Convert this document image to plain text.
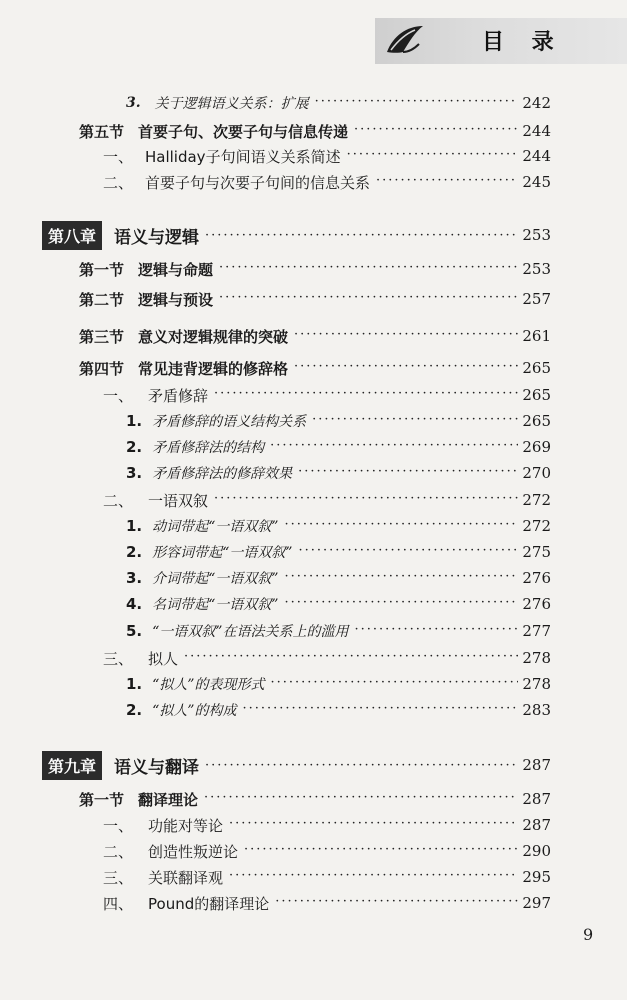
目 录
3. 关于逻辑语义关系：扩展 ·····	242
第五节 首要子句、次要子句与信息传递 ·····	244
一、 Halliday子句间语义关系简述 ·····	244
二、 首要子句与次要子句间的信息关系 ·····	245
第八章	语义与逻辑 ·····	253
第一节 逻辑与命题 ·····	253
第二节 逻辑与预设 ·····	257
第三节 意义对逻辑规律的突破 ·····	261
第四节 常见违背逻辑的修辞格 ·····	265
一、 矛盾修辞 ·····	265
1. 矛盾修辞的语义结构关系 ·····	265
2. 矛盾修辞法的结构 ·····	269
3. 矛盾修辞法的修辞效果 ·····	270
二、 一语双叙 ·····	272
1. 动词带起“一语双叙” ·····	272
2. 形容词带起“一语双叙” ·····	275
3. 介词带起“一语双叙” ·····	276
4. 名词带起“一语双叙” ·····	276
5. “一语双叙”在语法关系上的滥用 ·····	277
三、 拟人 ·····	278
1. “拟人”的表现形式 ·····	278
2. “拟人”的构成 ·····	283
第九章	语义与翻译 ·····	287
第一节 翻译理论 ·····	287
一、 功能对等论 ·····	287
二、 创造性叛逆论 ·····	290
三、 关联翻译观 ·····	295
四、 Pound的翻译理论 ·····	297
9
